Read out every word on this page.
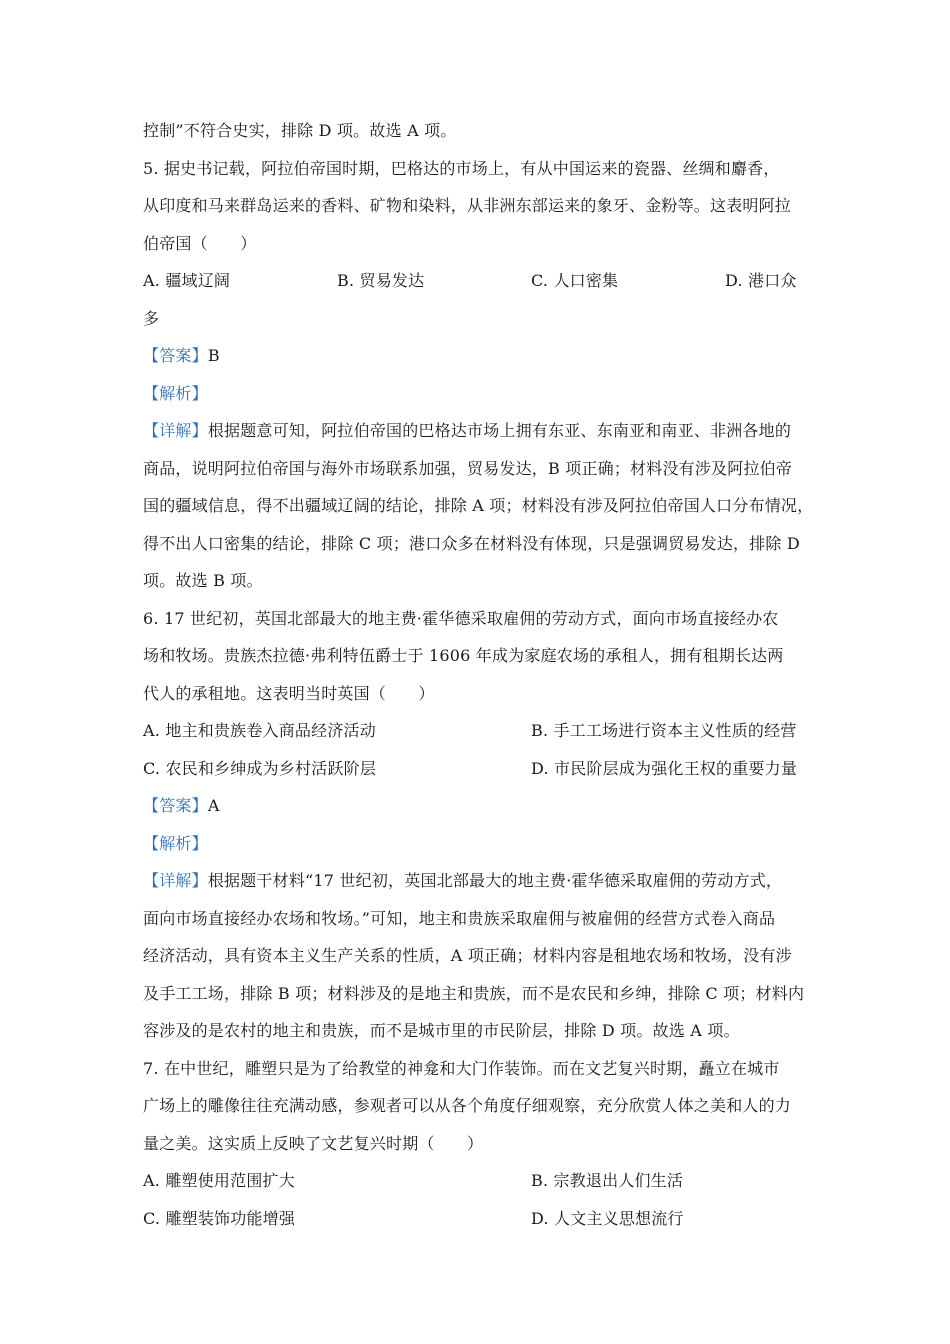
控制”不符合史实，排除 D 项。故选 A 项。
5. 据史书记载，阿拉伯帝国时期，巴格达的市场上，有从中国运来的瓷器、丝绸和麝香，
从印度和马来群岛运来的香料、矿物和染料，从非洲东部运来的象牙、金粉等。这表明阿拉
伯帝国（　　）
A. 疆域辽阔	B. 贸易发达	C. 人口密集	D. 港口众
多
【答案】B
【解析】
【详解】根据题意可知，阿拉伯帝国的巴格达市场上拥有东亚、东南亚和南亚、非洲各地的
商品，说明阿拉伯帝国与海外市场联系加强，贸易发达，B 项正确；材料没有涉及阿拉伯帝
国的疆域信息，得不出疆域辽阔的结论，排除 A 项；材料没有涉及阿拉伯帝国人口分布情况，
得不出人口密集的结论，排除 C 项；港口众多在材料没有体现，只是强调贸易发达，排除 D
项。故选 B 项。
6. 17 世纪初，英国北部最大的地主费·霍华德采取雇佣的劳动方式，面向市场直接经办农
场和牧场。贵族杰拉德·弗利特伍爵士于 1606 年成为家庭农场的承租人，拥有租期长达两
代人的承租地。这表明当时英国（　　）
A. 地主和贵族卷入商品经济活动	B. 手工工场进行资本主义性质的经营
C. 农民和乡绅成为乡村活跃阶层	D. 市民阶层成为强化王权的重要力量
【答案】A
【解析】
【详解】根据题干材料“17 世纪初，英国北部最大的地主费·霍华德采取雇佣的劳动方式，
面向市场直接经办农场和牧场。”可知，地主和贵族采取雇佣与被雇佣的经营方式卷入商品
经济活动，具有资本主义生产关系的性质，A 项正确；材料内容是租地农场和牧场，没有涉
及手工工场，排除 B 项；材料涉及的是地主和贵族，而不是农民和乡绅，排除 C 项；材料内
容涉及的是农村的地主和贵族，而不是城市里的市民阶层，排除 D 项。故选 A 项。
7. 在中世纪，雕塑只是为了给教堂的神龛和大门作装饰。而在文艺复兴时期，矗立在城市
广场上的雕像往往充满动感，参观者可以从各个角度仔细观察，充分欣赏人体之美和人的力
量之美。这实质上反映了文艺复兴时期（　　）
A. 雕塑使用范围扩大	B. 宗教退出人们生活
C. 雕塑装饰功能增强	D. 人文主义思想流行
